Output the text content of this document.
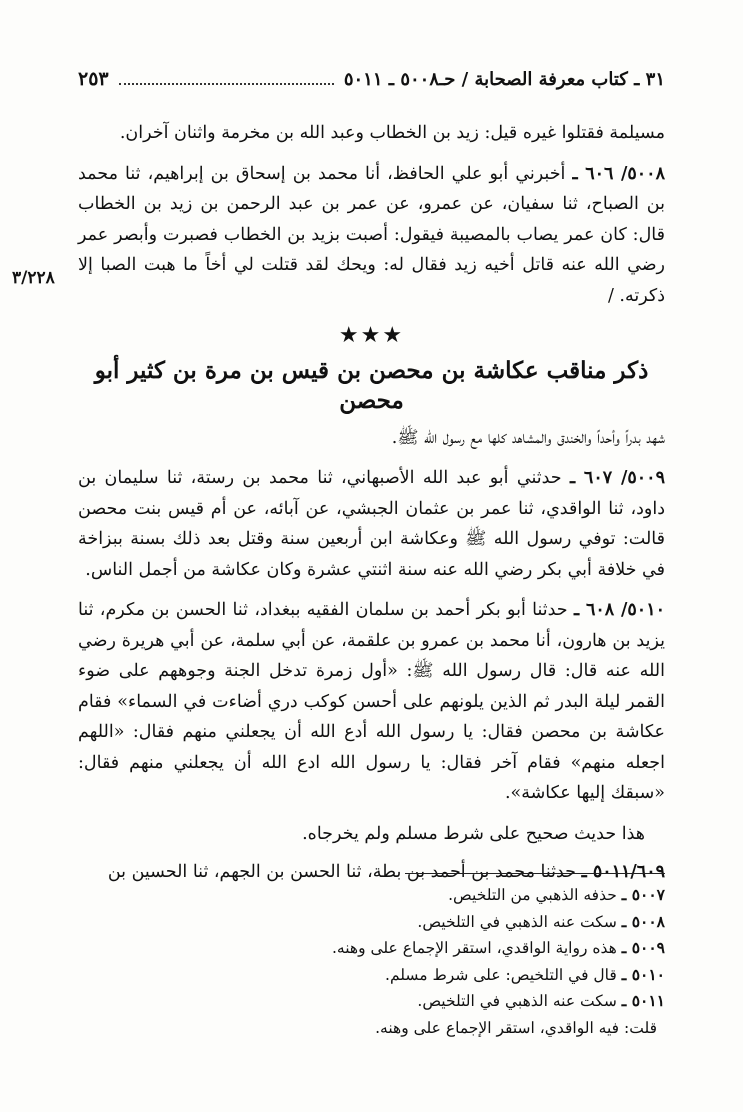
٣١ ـ كتاب معرفة الصحابة / حـ٥٠٠٨ ـ ٥٠١١
٢٥٣

مسيلمة فقتلوا غيره قيل: زيد بن الخطاب وعبد الله بن مخرمة واثنان آخران.

٥٠٠٨/ ٦٠٦ ـ أخبرني أبو علي الحافظ، أنا محمد بن إسحاق بن إبراهيم، ثنا محمد بن الصباح، ثنا سفيان، عن عمرو، عن عمر بن عبد الرحمن بن زيد بن الخطاب قال: كان عمر يصاب بالمصيبة فيقول: أصبت بزيد بن الخطاب فصبرت وأبصر عمر رضي الله عنه قاتل أخيه زيد فقال له: ويحك لقد قتلت لي أخاً ما هبت الصبا إلا ذكرته. /

★★★
ذكر مناقب عكاشة بن محصن بن قيس بن مرة بن كثير أبو محصن

شهد بدراً وأحداً والخندق والمشاهد كلها مع رسول الله ﷺ.

٥٠٠٩/ ٦٠٧ ـ حدثني أبو عبد الله الأصبهاني، ثنا محمد بن رستة، ثنا سليمان بن داود، ثنا الواقدي، ثنا عمر بن عثمان الجبشي، عن آبائه، عن أم قيس بنت محصن قالت: توفي رسول الله ﷺ وعكاشة ابن أربعين سنة وقتل بعد ذلك بسنة ببزاخة في خلافة أبي بكر رضي الله عنه سنة اثنتي عشرة وكان عكاشة من أجمل الناس.

٥٠١٠/ ٦٠٨ ـ حدثنا أبو بكر أحمد بن سلمان الفقيه ببغداد، ثنا الحسن بن مكرم، ثنا يزيد بن هارون، أنا محمد بن عمرو بن علقمة، عن أبي سلمة، عن أبي هريرة رضي الله عنه قال: قال رسول الله ﷺ: «أول زمرة تدخل الجنة وجوههم على ضوء القمر ليلة البدر ثم الذين يلونهم على أحسن كوكب دري أضاءت في السماء» فقام عكاشة بن محصن فقال: يا رسول الله أدع الله أن يجعلني منهم فقال: «اللهم اجعله منهم» فقام آخر فقال: يا رسول الله ادع الله أن يجعلني منهم فقال: «سبقك إليها عكاشة».

هذا حديث صحيح على شرط مسلم ولم يخرجاه.

٥٠١١/٦٠٩ ـ حدثنا محمد بن أحمد بن بطة، ثنا الحسن بن الجهم، ثنا الحسين بن

٣/٢٢٨
٥٠٠٧ ـ حذفه الذهبي من التلخيص.
٥٠٠٨ ـ سكت عنه الذهبي في التلخيص.
٥٠٠٩ ـ هذه رواية الواقدي، استقر الإجماع على وهنه.
٥٠١٠ ـ قال في التلخيص: على شرط مسلم.
٥٠١١ ـ سكت عنه الذهبي في التلخيص.
قلت: فيه الواقدي، استقر الإجماع على وهنه.
